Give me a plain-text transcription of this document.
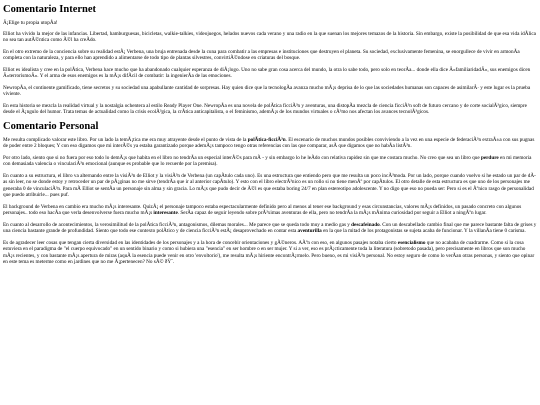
Comentario Internet

Â¡Elige tu propia utopÃa!

Elliot ha vivido la mejor de las infancias. Libertad, hamburguesas, bicicletas, walkie-talkies, videojuegos, helados nuevos cada verano y una radio en la que suenan los mejores temazos de la historia. Sin embargo, existe la posibilidad de que esa vida idÃlica no sea tan autÃ©ntica como Ã©l ha creÃdo.

En el otro extremo de la conciencia sobre su realidad estÃ¡ Verbena, una bruja entrenada desde la cuna para combatir a las empresas e instituciones que destruyen el planeta. Su sociedad, exclusivamente femenina, se enorgullece de vivir en armonÃa completa con la naturaleza, y para ello han aprendido a alimentarse de todo tipo de plantas silvestres, convirtiÃ©ndose en criaturas del bosque.

Elliot es idealista y cree en la polÃtica, Verbena hace mucho que ha abandonado cualquier esperanza de diÃ¡logo. Uno no sabe gran cosa acerca del mundo, la otra lo sabe todo, pero solo en teorÃa... donde ella dice Â«familiaridadÂ», sus enemigos dicen Â«terrorismoÂ». Y el arma de esos enemigos es la mÃ¡s difÃcil de combatir: la ingenierÃa de las emociones.

NewropÃa, el continente gamificado, tiene secretos y su sociedad una apabullante cantidad de sorpresas. Hay quien dice que la tecnologÃa avanza mucho mÃ¡s deprisa de lo que las sociedades humanas son capaces de asimilarÂ· y este lugar es la prueba viviente.

En esta historia se mezcla la realidad virtual y la nostalgia ochentera al estilo Ready Player One. NewropÃa es una novela de polÃtica ficciÃ³n y aventuras, una distopÃa mezcla de ciencia ficciÃ³n soft de futuro cercano y de corte socialÃ³gico, siempre desde el Ã¡ngulo del humor. Trata temas de actualidad como la crisis ecolÃ³gica, la crÃtica anticapitalista, o el feminismo, ademÃ¡s de los mundos virtuales o cÃ³mo nos afectan los avances tecnolÃ³gicos.

Comentario Personal

Me resulta complicado valorar este libro. Por un lado la temÃ¡tica me era muy atrayente desde el punto de vista de la polÃtica-ficciÃ³n. El escenario de muchos mundos posibles conviviendo a la vez en una especie de federaciÃ³n extraÃ±a con sus pugnas de poder entre 2 bloques; Y con eso digamos que mi interÃ©s ya estaba garantizado porque ademÃ¡s tampoco tengo otras referencias con las que comparar, asÃ que digamos que no habÃa listÃ³n.

Por otro lado, siento que si no fuera por eso todo lo demÃ¡s que habita en el libro no tendrÃa un especial interÃ©s para mÃ - y sin embargo lo he leÃdo con relativa rapidez sin que me costara mucho. No creo que sea un libro que perdure en mi memoria con demasiada valencia o vinculaciÃ³n emocional (aunque es probable que lo recuerde por la premisa).

En cuanto a su estructura, el libro va alternando entre la visiÃ³n de Elliot y la visiÃ³n de Verbena (un capÃtulo cada uno). Es una estructura que entiendo pero que me resulta un poco incÃ³moda. Por un lado, porque cuando vuelvo si he estado un par de dÃas sin leer, no se donde estoy y retroceder un par de pÃ¡ginas no me sirve (tendrÃa que ir al anterior capÃtulo). Y esto con el libro electrÃ³nico es un rollo si no tiene menÃº por capÃtulos. El otro detalle de esta estructura es que uno de los personajes me generaba 0 de vinculaciÃ³n. Para mÃ Elliot se sentÃa un personaje sin alma y sin gracia. Lo mÃ¡s que pudo decir de Ã©l es que estaba boring 24/7 en plan estereotipo adolescente. Y no digo que eso no pueda ser: Pero si es el Ãºnico rasgo de personalidad que puedo atribuirle... pues puf.

El background de Verbena en cambio era mucho mÃ¡s interesante. QuizÃ¡ el personaje tampoco estaba espectacularmente definido pero al menos al tener ese background y esas circunstancias, valores mÃ¡s definidos, un pasado concreto con algunos personajes.. todo eso hacÃa que verla desenvolverse fuera mucho mÃ¡s interesante. SerÃa capaz de seguir leyendo sobre prÃ³ximas aventuras de ella, pero no tendrÃa la mÃ¡s mÃnima curiosidad por seguir a Elliot a ningÃºn lugar.

En cuanto al desarrollo de acontecimientos, la verosimilitud de la polÃtica ficciÃ³n, antagonismos, dilemas morales... Me parece que se queda todo muy a medio gas y descafeinado. Con un descabellado cambio final que me parece bastante falta de grises y una ciencia bastante grande de profundidad. Siento que todo ese contexto polÃtico y de ciencia ficciÃ³n estÃ¡ desaprovechado en contar esta aventurilla en la que la mitad de los protagonistas se sujeta acaba de funcionar. Y la villanÃa tiene 0 carisma.

Es de agradecer leer cosas que tengan cierta diversidad en las identidades de los personajes y a la hora de concebir orientaciones y gÃ©neros. AÃºn con eso, en algunos pasajes notaba cierto esencialismo que no acababa de cuadrarme. Como si la cosa estuviera en el paradigma de "el cuerpo equivocado" en un sentido binario y como si hubiera una "esencia" en ser hombre o en ser mujer. Y si a ver, eso es prÃ¡cticamente toda la literatura (sobretodo pasada), pero precisamente en libros que son mucho mÃ¡s recientes, y con bastante mÃ¡s apertura de miras (aquÃ la esencia puede venir en otro 'envoltorio'), me resulta mÃ¡s hiriente encontrÃ¡rmelo. Pero bueno, es mi visiÃ³n personal. No estoy seguro de como lo verÃan otras personas, y siento que opinar en este tema es meterme como en jardines que no me Ã¡pertenecen? No sÃ© ðŸ˜.
